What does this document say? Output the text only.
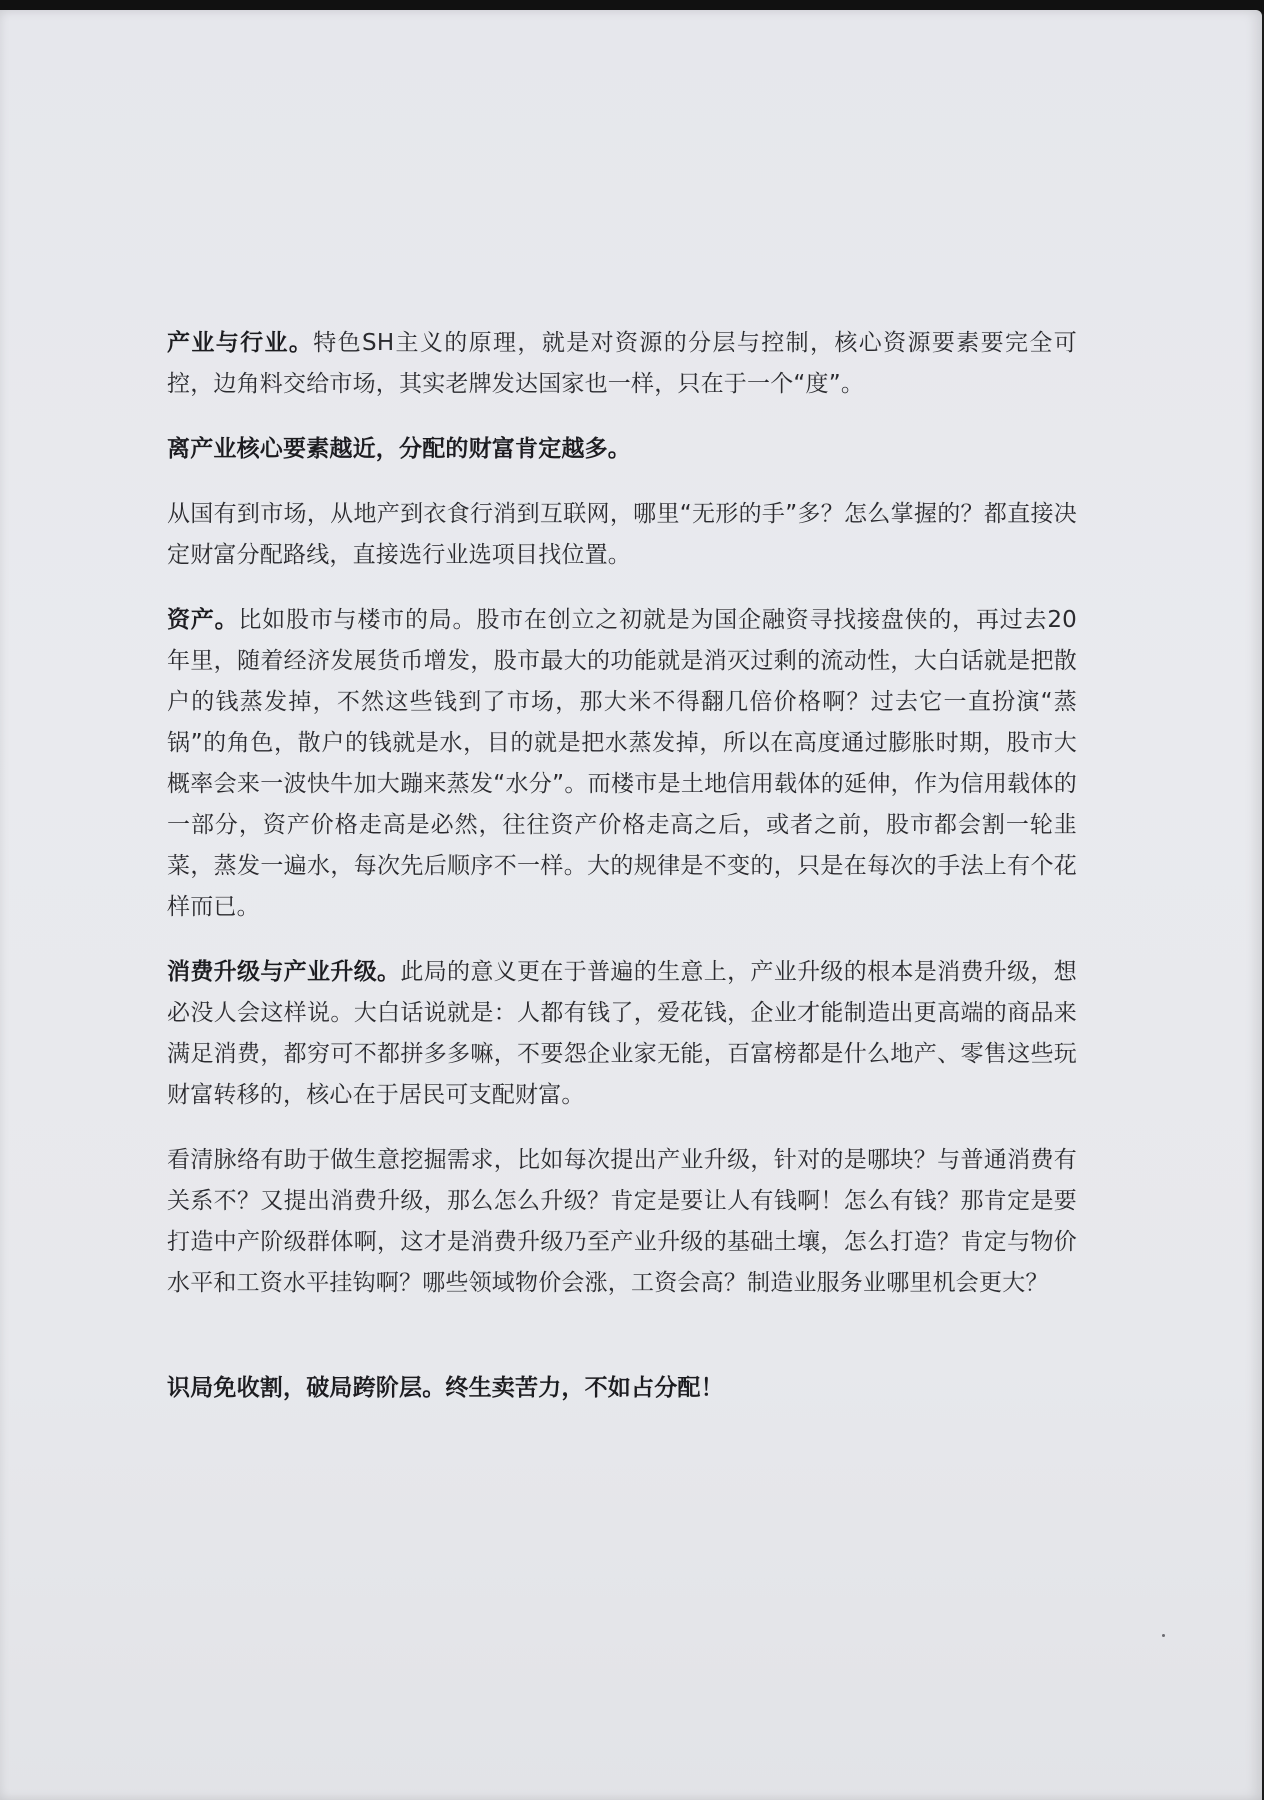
产业与行业。特色SH主义的原理，就是对资源的分层与控制，核心资源要素要完全可控，边角料交给市场，其实老牌发达国家也一样，只在于一个“度”。

离产业核心要素越近，分配的财富肯定越多。

从国有到市场，从地产到衣食行消到互联网，哪里“无形的手”多？怎么掌握的？都直接决定财富分配路线，直接选行业选项目找位置。

资产。比如股市与楼市的局。股市在创立之初就是为国企融资寻找接盘侠的，再过去20年里，随着经济发展货币增发，股市最大的功能就是消灭过剩的流动性，大白话就是把散户的钱蒸发掉，不然这些钱到了市场，那大米不得翻几倍价格啊？过去它一直扮演“蒸锅”的角色，散户的钱就是水，目的就是把水蒸发掉，所以在高度通过膨胀时期，股市大概率会来一波快牛加大蹦来蒸发“水分”。而楼市是土地信用载体的延伸，作为信用载体的一部分，资产价格走高是必然，往往资产价格走高之后，或者之前，股市都会割一轮韭菜，蒸发一遍水，每次先后顺序不一样。大的规律是不变的，只是在每次的手法上有个花样而已。

消费升级与产业升级。此局的意义更在于普遍的生意上，产业升级的根本是消费升级，想必没人会这样说。大白话说就是：人都有钱了，爱花钱，企业才能制造出更高端的商品来满足消费，都穷可不都拼多多嘛，不要怨企业家无能，百富榜都是什么地产、零售这些玩财富转移的，核心在于居民可支配财富。

看清脉络有助于做生意挖掘需求，比如每次提出产业升级，针对的是哪块？与普通消费有关系不？又提出消费升级，那么怎么升级？肯定是要让人有钱啊！怎么有钱？那肯定是要打造中产阶级群体啊，这才是消费升级乃至产业升级的基础土壤，怎么打造？肯定与物价水平和工资水平挂钩啊？哪些领域物价会涨，工资会高？制造业服务业哪里机会更大？

识局免收割，破局跨阶层。终生卖苦力，不如占分配！
